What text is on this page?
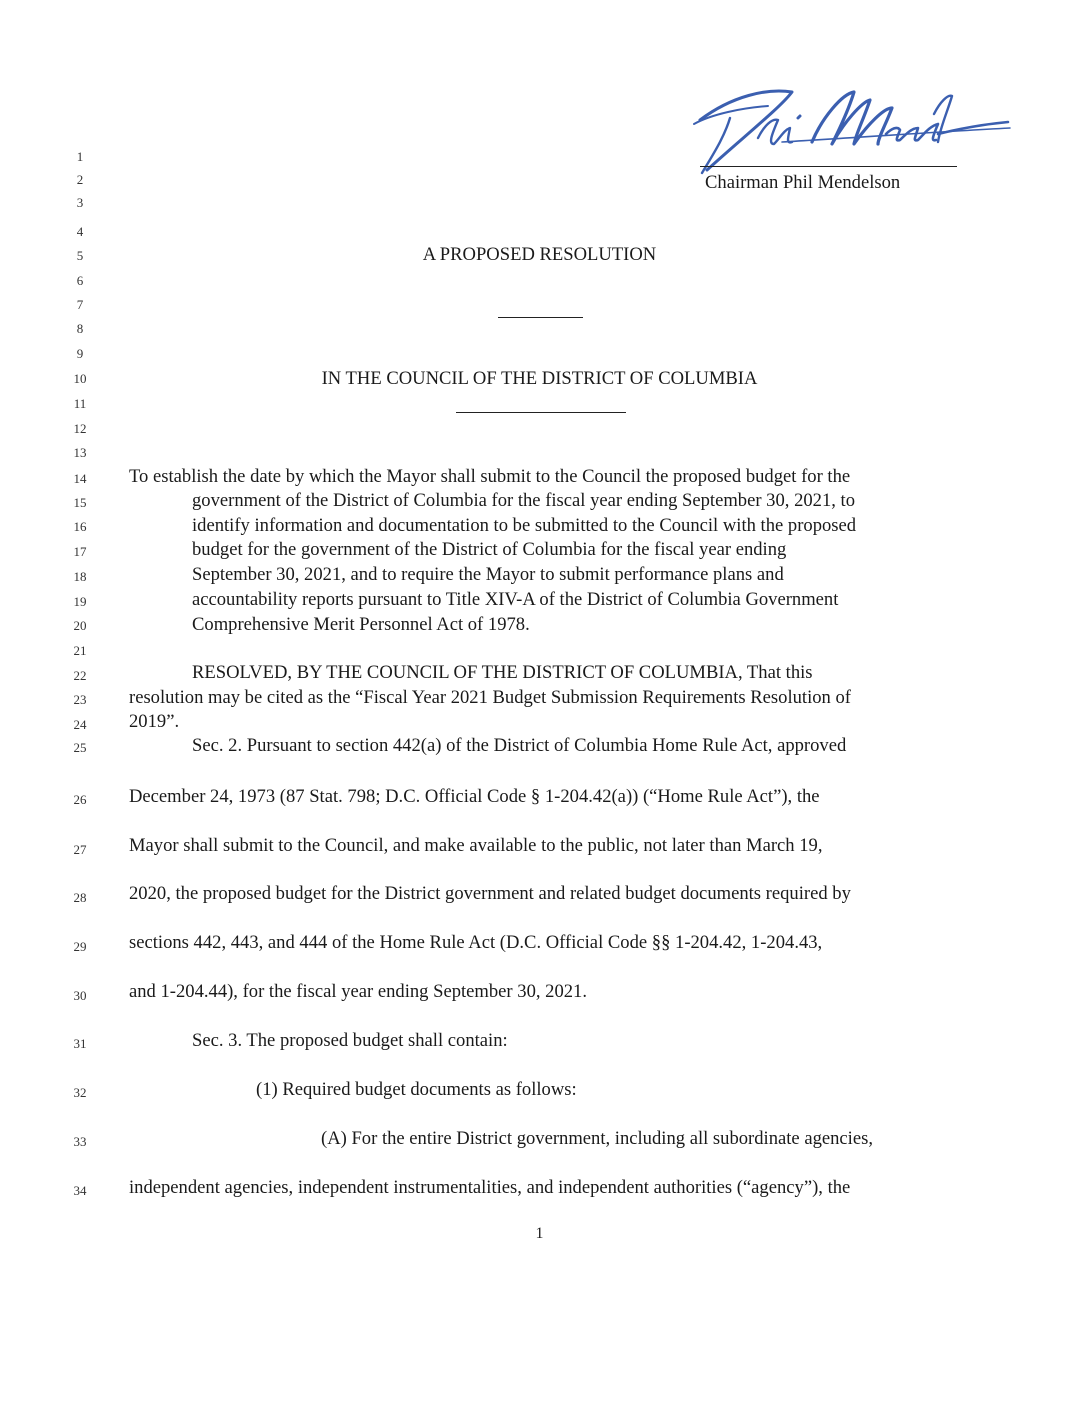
Chairman Phil Mendelson
1
2
3
4
5
6
7
8
9
10
11
12
13
14
15
16
17
18
19
20
21
22
23
24
25
26
27
28
29
30
31
32
33
34
A PROPOSED RESOLUTION
IN THE COUNCIL OF THE DISTRICT OF COLUMBIA
To establish the date by which the Mayor shall submit to the Council the proposed budget for the
government of the District of Columbia for the fiscal year ending September 30, 2021, to
identify information and documentation to be submitted to the Council with the proposed
budget for the government of the District of Columbia for the fiscal year ending
September 30, 2021, and to require the Mayor to submit performance plans and
accountability reports pursuant to Title XIV-A of the District of Columbia Government
Comprehensive Merit Personnel Act of 1978.
RESOLVED, BY THE COUNCIL OF THE DISTRICT OF COLUMBIA, That this
resolution may be cited as the “Fiscal Year 2021 Budget Submission Requirements Resolution of
2019”.
Sec. 2. Pursuant to section 442(a) of the District of Columbia Home Rule Act, approved
December 24, 1973 (87 Stat. 798; D.C. Official Code § 1-204.42(a)) (“Home Rule Act”), the
Mayor shall submit to the Council, and make available to the public, not later than March 19,
2020, the proposed budget for the District government and related budget documents required by
sections 442, 443, and 444 of the Home Rule Act (D.C. Official Code §§ 1-204.42, 1-204.43,
and 1-204.44), for the fiscal year ending September 30, 2021.
Sec. 3. The proposed budget shall contain:
(1) Required budget documents as follows:
(A) For the entire District government, including all subordinate agencies,
independent agencies, independent instrumentalities, and independent authorities (“agency”), the
1
